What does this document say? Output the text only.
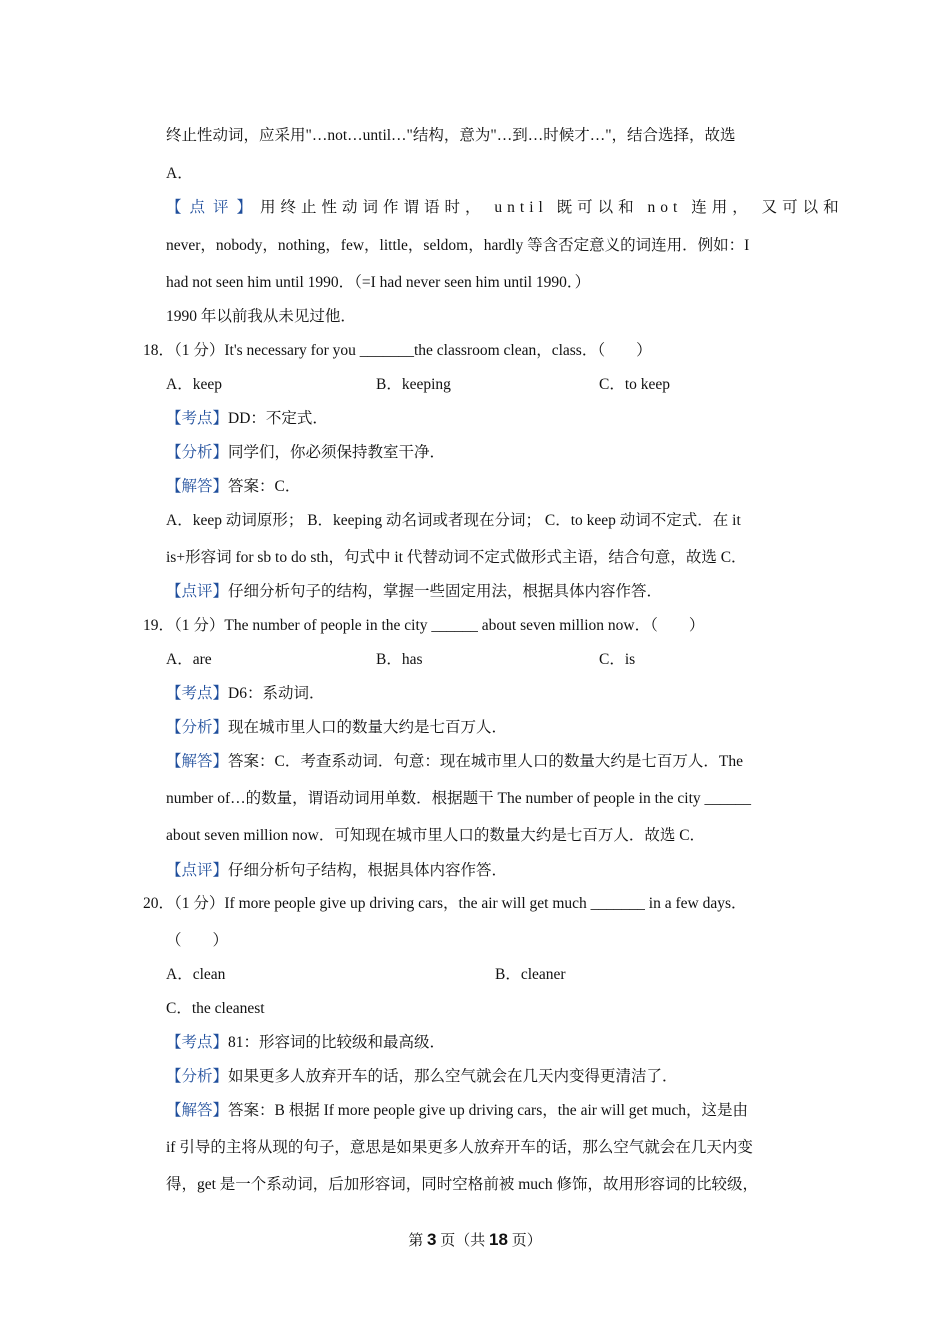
终止性动词，应采用"…not…until…"结构，意为"…到…时候才…"，结合选择，故选
A．
【点评】用终止性动词作谓语时， until 既可以和 not 连用， 又可以和
never，nobody，nothing，few，little，seldom，hardly 等含否定意义的词连用．例如：I
had not seen him until 1990．（=I had never seen him until 1990．）
1990 年以前我从未见过他．
18．（1 分）It's necessary for you _______the classroom clean，class．（　　）
A．keep	B．keeping	C．to keep
【考点】DD：不定式．
【分析】同学们，你必须保持教室干净．
【解答】答案：C．
A．keep 动词原形； B．keeping 动名词或者现在分词； C．to keep 动词不定式．在 it
is+形容词 for sb to do sth，句式中 it 代替动词不定式做形式主语，结合句意，故选 C．
【点评】仔细分析句子的结构，掌握一些固定用法，根据具体内容作答．
19．（1 分）The number of people in the city ______ about seven million now．（　　）
A．are	B．has	C．is
【考点】D6：系动词．
【分析】现在城市里人口的数量大约是七百万人．
【解答】答案：C．考查系动词．句意：现在城市里人口的数量大约是七百万人．The
number of…的数量，谓语动词用单数．根据题干 The number of people in the city ______
about seven million now．可知现在城市里人口的数量大约是七百万人．故选 C．
【点评】仔细分析句子结构，根据具体内容作答．
20．（1 分）If more people give up driving cars，the air will get much _______ in a few days．
（　　）
A．clean	B．cleaner
C．the cleanest
【考点】81：形容词的比较级和最高级．
【分析】如果更多人放弃开车的话，那么空气就会在几天内变得更清洁了．
【解答】答案：B 根据 If more people give up driving cars，the air will get much，这是由
if 引导的主将从现的句子，意思是如果更多人放弃开车的话，那么空气就会在几天内变
得，get 是一个系动词，后加形容词，同时空格前被 much 修饰，故用形容词的比较级，
第 3 页（共 18 页）
